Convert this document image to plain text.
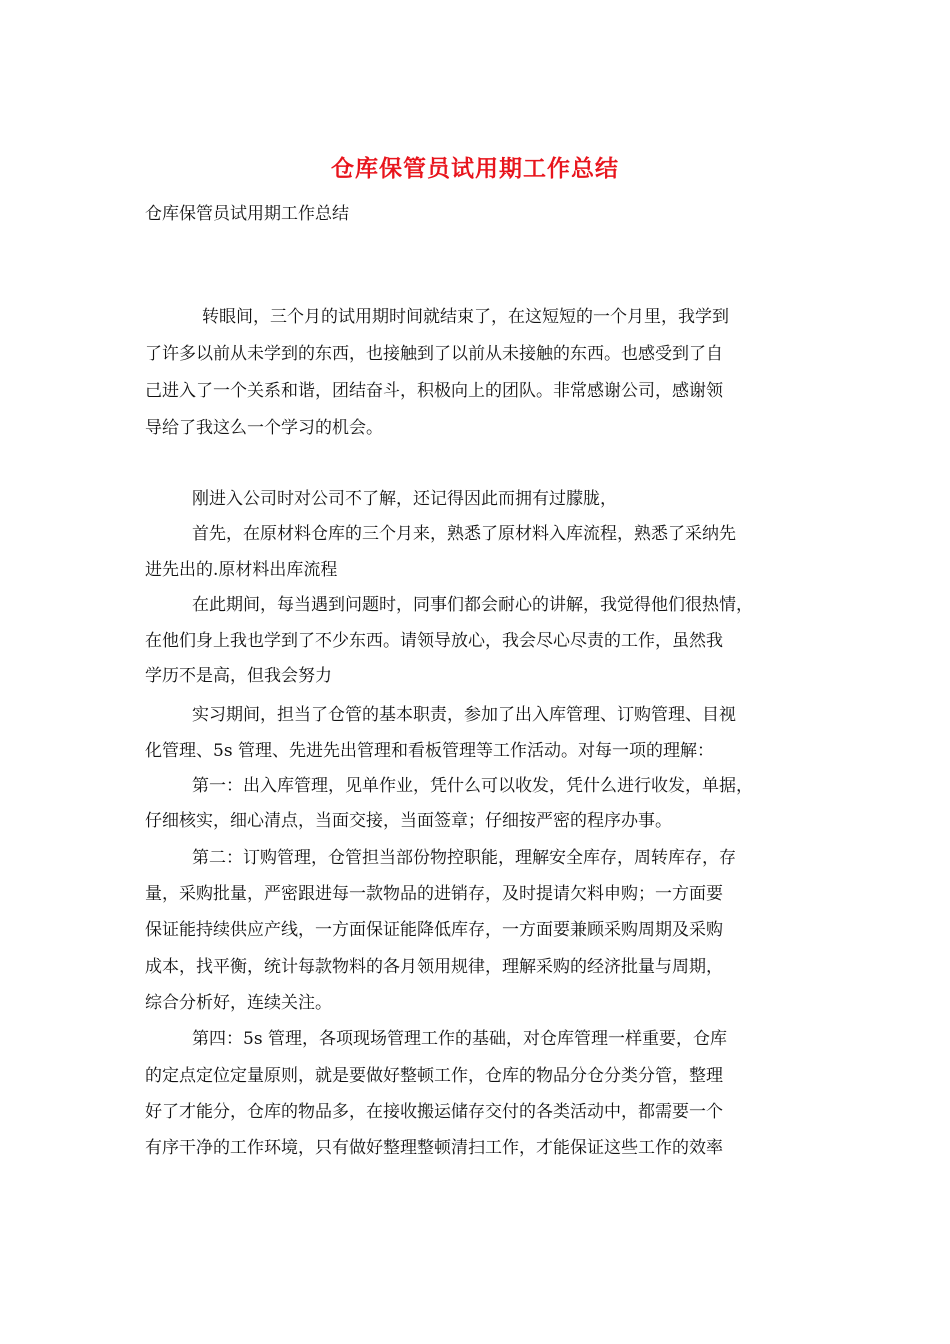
仓库保管员试用期工作总结

仓库保管员试用期工作总结

转眼间，三个月的试用期时间就结束了，在这短短的一个月里，我学到

了许多以前从未学到的东西，也接触到了以前从未接触的东西。也感受到了自

己进入了一个关系和谐，团结奋斗，积极向上的团队。非常感谢公司，感谢领

导给了我这么一个学习的机会。

刚进入公司时对公司不了解，还记得因此而拥有过朦胧，

首先，在原材料仓库的三个月来，熟悉了原材料入库流程，熟悉了采纳先

进先出的.原材料出库流程

在此期间，每当遇到问题时，同事们都会耐心的讲解，我觉得他们很热情，

在他们身上我也学到了不少东西。请领导放心，我会尽心尽责的工作，虽然我

学历不是高，但我会努力

实习期间，担当了仓管的基本职责，参加了出入库管理、订购管理、目视

化管理、5s 管理、先进先出管理和看板管理等工作活动。对每一项的理解：

第一：出入库管理，见单作业，凭什么可以收发，凭什么进行收发，单据，

仔细核实，细心清点，当面交接，当面签章；仔细按严密的程序办事。

第二：订购管理，仓管担当部份物控职能，理解安全库存，周转库存，存

量，采购批量，严密跟进每一款物品的进销存，及时提请欠料申购；一方面要

保证能持续供应产线，一方面保证能降低库存，一方面要兼顾采购周期及采购

成本，找平衡，统计每款物料的各月领用规律，理解采购的经济批量与周期，

综合分析好，连续关注。

第四：5s 管理，各项现场管理工作的基础，对仓库管理一样重要，仓库

的定点定位定量原则，就是要做好整顿工作，仓库的物品分仓分类分管，整理

好了才能分，仓库的物品多，在接收搬运储存交付的各类活动中，都需要一个

有序干净的工作环境，只有做好整理整顿清扫工作，才能保证这些工作的效率
